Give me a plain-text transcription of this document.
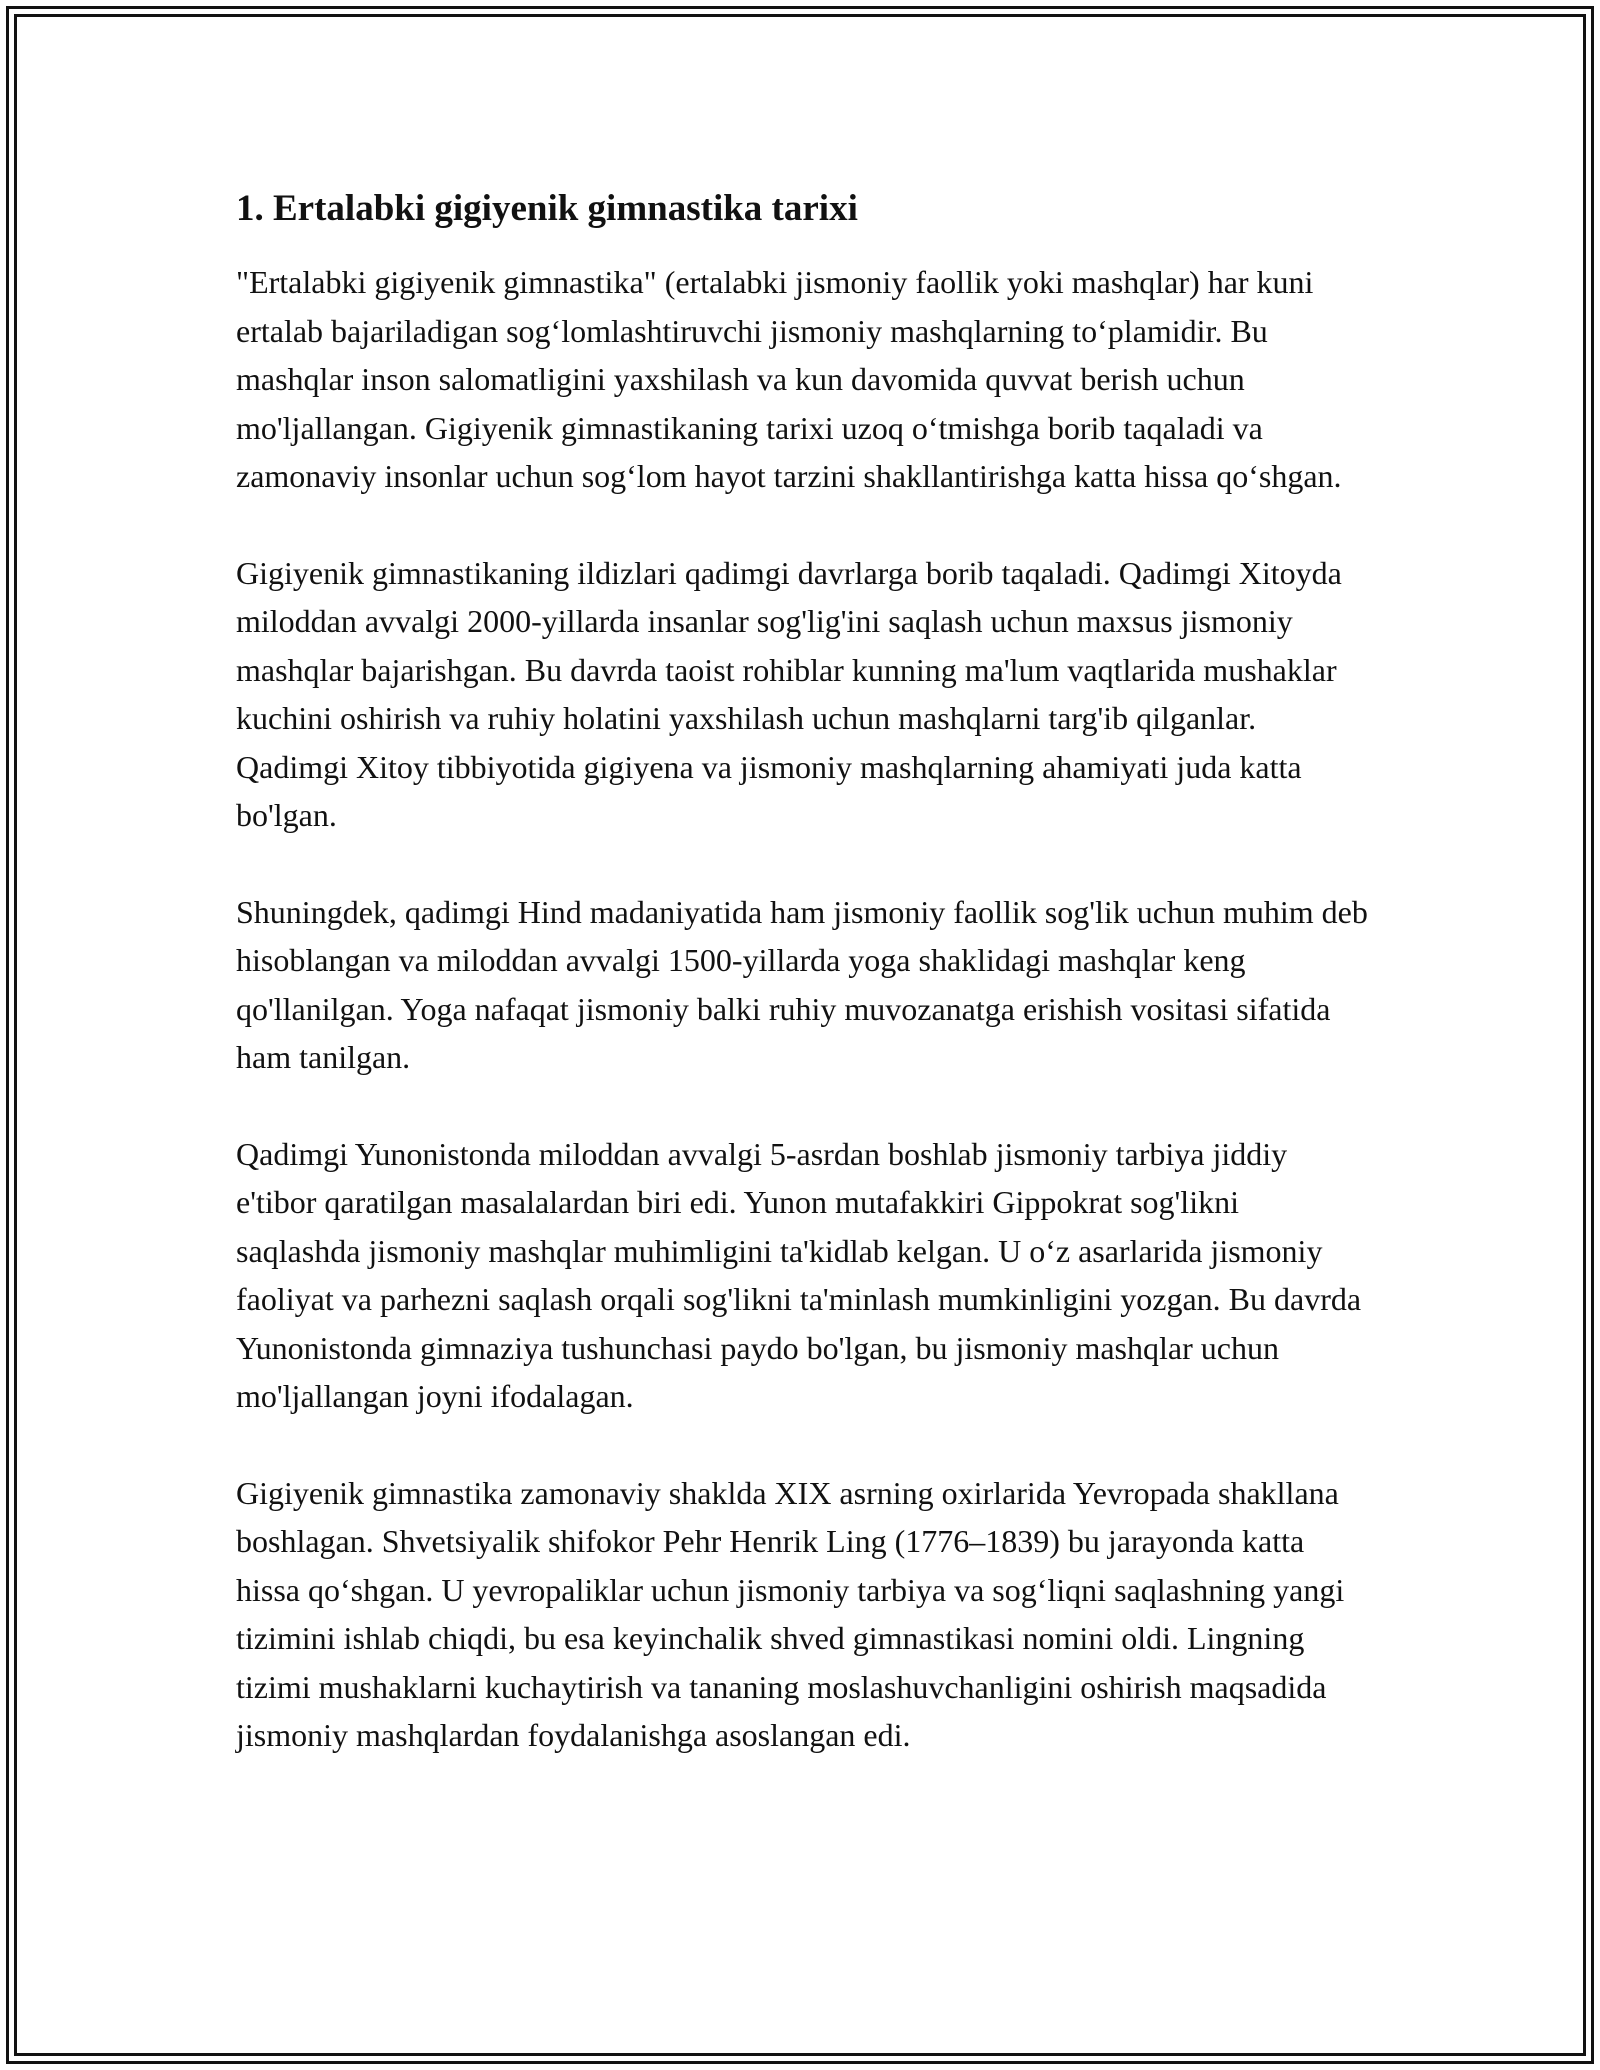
1. Ertalabki gigiyenik gimnastika tarixi

"Ertalabki gigiyenik gimnastika" (ertalabki jismoniy faollik yoki mashqlar) har kuni ertalab bajariladigan sog‘lomlashtiruvchi jismoniy mashqlarning to‘plamidir. Bu mashqlar inson salomatligini yaxshilash va kun davomida quvvat berish uchun mo'ljallangan. Gigiyenik gimnastikaning tarixi uzoq o‘tmishga borib taqaladi va zamonaviy insonlar uchun sog‘lom hayot tarzini shakllantirishga katta hissa qo‘shgan.

Gigiyenik gimnastikaning ildizlari qadimgi davrlarga borib taqaladi. Qadimgi Xitoyda miloddan avvalgi 2000-yillarda insanlar sog'lig'ini saqlash uchun maxsus jismoniy mashqlar bajarishgan. Bu davrda taoist rohiblar kunning ma'lum vaqtlarida mushaklar kuchini oshirish va ruhiy holatini yaxshilash uchun mashqlarni targ'ib qilganlar. Qadimgi Xitoy tibbiyotida gigiyena va jismoniy mashqlarning ahamiyati juda katta bo'lgan.

Shuningdek, qadimgi Hind madaniyatida ham jismoniy faollik sog'lik uchun muhim deb hisoblangan va miloddan avvalgi 1500-yillarda yoga shaklidagi mashqlar keng qo'llanilgan. Yoga nafaqat jismoniy balki ruhiy muvozanatga erishish vositasi sifatida ham tanilgan.

Qadimgi Yunonistonda miloddan avvalgi 5-asrdan boshlab jismoniy tarbiya jiddiy e'tibor qaratilgan masalalardan biri edi. Yunon mutafakkiri Gippokrat sog'likni saqlashda jismoniy mashqlar muhimligini ta'kidlab kelgan. U o‘z asarlarida jismoniy faoliyat va parhezni saqlash orqali sog'likni ta'minlash mumkinligini yozgan. Bu davrda Yunonistonda gimnaziya tushunchasi paydo bo'lgan, bu jismoniy mashqlar uchun mo'ljallangan joyni ifodalagan.

Gigiyenik gimnastika zamonaviy shaklda XIX asrning oxirlarida Yevropada shakllana boshlagan. Shvetsiyalik shifokor Pehr Henrik Ling (1776–1839) bu jarayonda katta hissa qo‘shgan. U yevropaliklar uchun jismoniy tarbiya va sog‘liqni saqlashning yangi tizimini ishlab chiqdi, bu esa keyinchalik shved gimnastikasi nomini oldi. Lingning tizimi mushaklarni kuchaytirish va tananing moslashuvchanligini oshirish maqsadida jismoniy mashqlardan foydalanishga asoslangan edi.
